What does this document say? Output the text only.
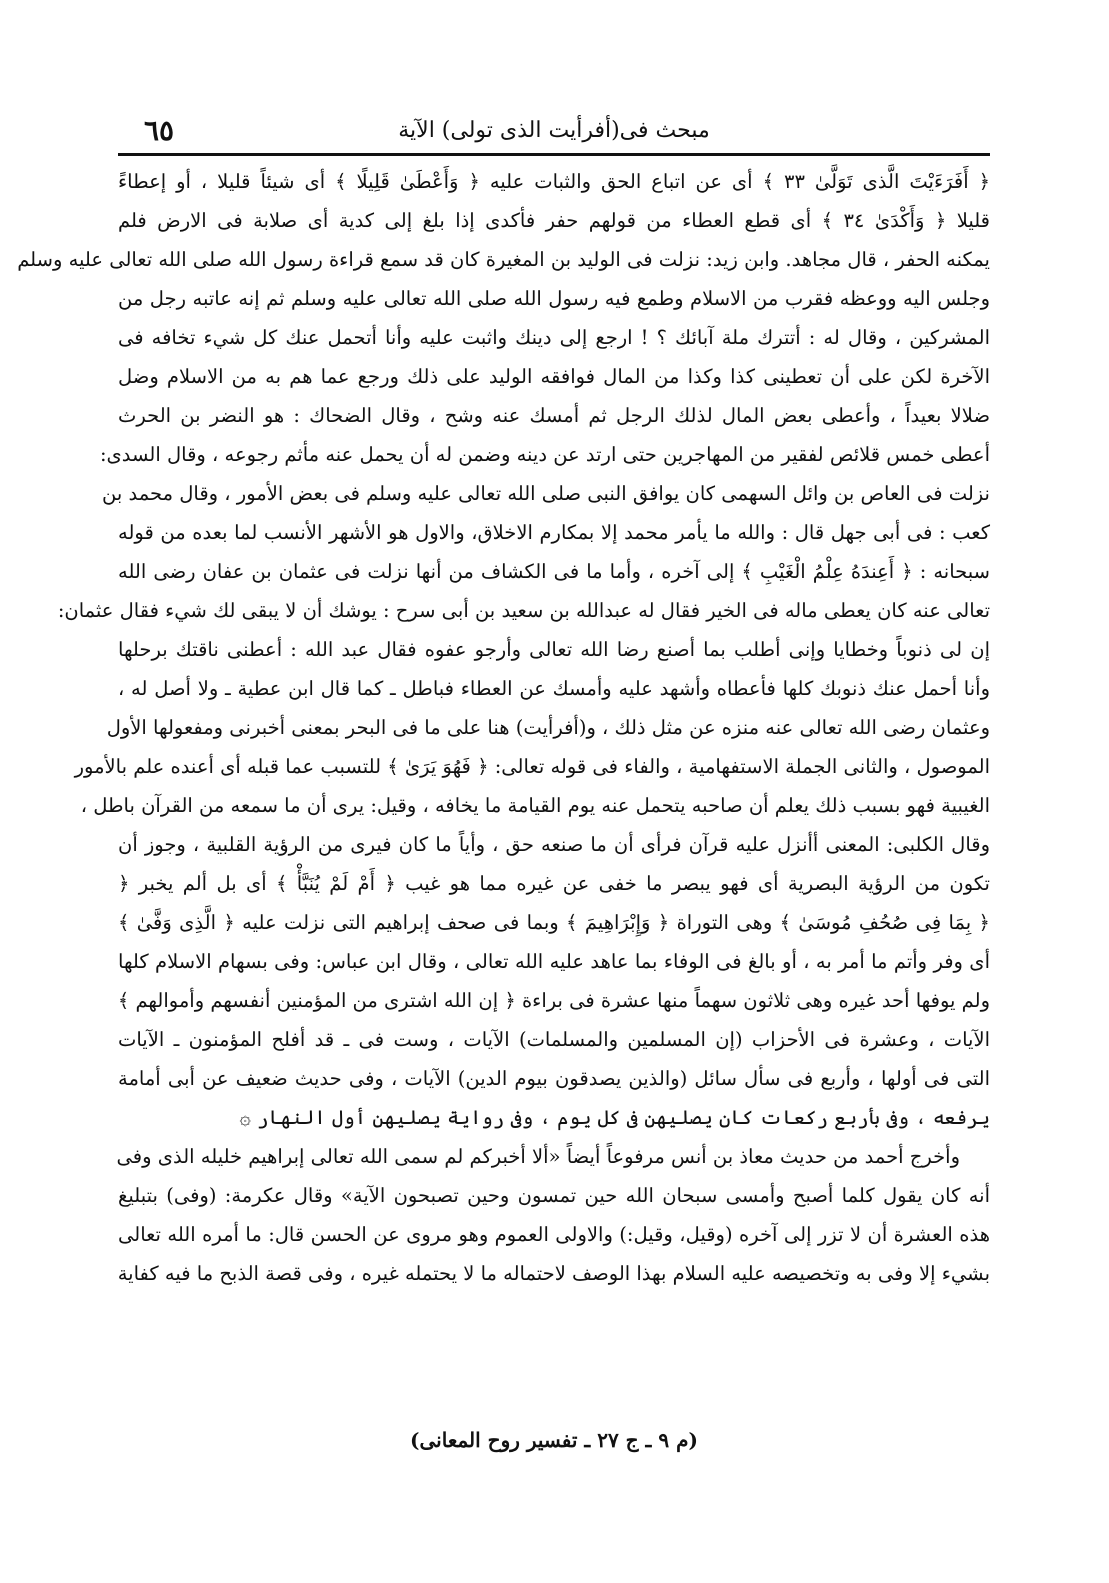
٦٥	مبحث فى(أفرأيت الذى تولى) الآية
﴿ أَفَرَءَيْتَ الَّذى تَوَلَّىٰ ٣٣ ﴾ أى عن اتباع الحق والثبات عليه ﴿ وَأَعْطَىٰ قَلِيلًا ﴾ أى شيئاً قليلا ، أو إعطاءً
قليلا ﴿ وَأَكْدَىٰ ٣٤ ﴾ أى قطع العطاء من قولهم حفر فأكدى إذا بلغ إلى كدية أى صلابة فى الارض فلم
يمكنه الحفر ، قال مجاهد. وابن زيد: نزلت فى الوليد بن المغيرة كان قد سمع قراءة رسول الله صلى الله تعالى عليه وسلم
وجلس اليه ووعظه فقرب من الاسلام وطمع فيه رسول الله صلى الله تعالى عليه وسلم ثم إنه عاتبه رجل من
المشركين ، وقال له : أتترك ملة آبائك ؟ ! ارجع إلى دينك واثبت عليه وأنا أتحمل عنك كل شيء تخافه فى
الآخرة لكن على أن تعطينى كذا وكذا من المال فوافقه الوليد على ذلك ورجع عما هم به من الاسلام وضل
ضلالا بعيداً ، وأعطى بعض المال لذلك الرجل ثم أمسك عنه وشح ، وقال الضحاك : هو النضر بن الحرث
أعطى خمس قلائص لفقير من المهاجرين حتى ارتد عن دينه وضمن له أن يحمل عنه مأثم رجوعه ، وقال السدى:
نزلت فى العاص بن وائل السهمى كان يوافق النبى صلى الله تعالى عليه وسلم فى بعض الأمور ، وقال محمد بن
كعب : فى أبى جهل قال : والله ما يأمر محمد إلا بمكارم الاخلاق، والاول هو الأشهر الأنسب لما بعده من قوله
سبحانه : ﴿ أَعِندَهُ عِلْمُ الْغَيْبِ ﴾ إلى آخره ، وأما ما فى الكشاف من أنها نزلت فى عثمان بن عفان رضى الله
تعالى عنه كان يعطى ماله فى الخير فقال له عبدالله بن سعيد بن أبى سرح : يوشك أن لا يبقى لك شيء فقال عثمان:
إن لى ذنوباً وخطايا وإنى أطلب بما أصنع رضا الله تعالى وأرجو عفوه فقال عبد الله : أعطنى ناقتك برحلها
وأنا أحمل عنك ذنوبك كلها فأعطاه وأشهد عليه وأمسك عن العطاء فباطل ـ كما قال ابن عطية ـ ولا أصل له ،
وعثمان رضى الله تعالى عنه منزه عن مثل ذلك ، و(أفرأيت) هنا على ما فى البحر بمعنى أخبرنى ومفعولها الأول
الموصول ، والثانى الجملة الاستفهامية ، والفاء فى قوله تعالى: ﴿ فَهُوَ يَرَىٰ ﴾ للتسبب عما قبله أى أعنده علم بالأمور
الغيبية فهو بسبب ذلك يعلم أن صاحبه يتحمل عنه يوم القيامة ما يخافه ، وقيل: يرى أن ما سمعه من القرآن باطل ،
وقال الكلبى: المعنى أأنزل عليه قرآن فرأى أن ما صنعه حق ، وأياً ما كان فيرى من الرؤية القلبية ، وجوز أن
تكون من الرؤية البصرية أى فهو يبصر ما خفى عن غيره مما هو غيب ﴿ أَمْ لَمْ يُنَبَّأْ ﴾ أى بل ألم يخبر ﴿
﴿ بِمَا فِى صُحُفِ مُوسَىٰ ﴾ وهى التوراة ﴿ وَإِبْرَاهِيمَ ﴾ وبما فى صحف إبراهيم التى نزلت عليه ﴿ الَّذِى وَفَّىٰ ﴾
أى وفر وأتم ما أمر به ، أو بالغ فى الوفاء بما عاهد عليه الله تعالى ، وقال ابن عباس: وفى بسهام الاسلام كلها
ولم يوفها أحد غيره وهى ثلاثون سهماً منها عشرة فى براءة ﴿ إن الله اشترى من المؤمنين أنفسهم وأموالهم ﴾
الآيات ، وعشرة فى الأحزاب (إن المسلمين والمسلمات) الآيات ، وست فى ـ قد أفلح المؤمنون ـ الآيات
التى فى أولها ، وأربع فى سأل سائل (والذين يصدقون بيوم الدين) الآيات ، وفى حديث ضعيف عن أبى أمامة
يرفعه ، وفى بأربع ركعات كان يصليهن فى كل يوم ، وفى رواية يصليهن أول النهار ۞
وأخرج أحمد من حديث معاذ بن أنس مرفوعاً أيضاً «ألا أخبركم لم سمى الله تعالى إبراهيم خليله الذى وفى
أنه كان يقول كلما أصبح وأمسى سبحان الله حين تمسون وحين تصبحون الآية» وقال عكرمة: (وفى) بتبليغ
هذه العشرة أن لا تزر إلى آخره (وقيل، وقيل:) والاولى العموم وهو مروى عن الحسن قال: ما أمره الله تعالى
بشيء إلا وفى به وتخصيصه عليه السلام بهذا الوصف لاحتماله ما لا يحتمله غيره ، وفى قصة الذبح ما فيه كفاية
(م ٩ ـ ج ٢٧ ـ تفسير روح المعانى)
